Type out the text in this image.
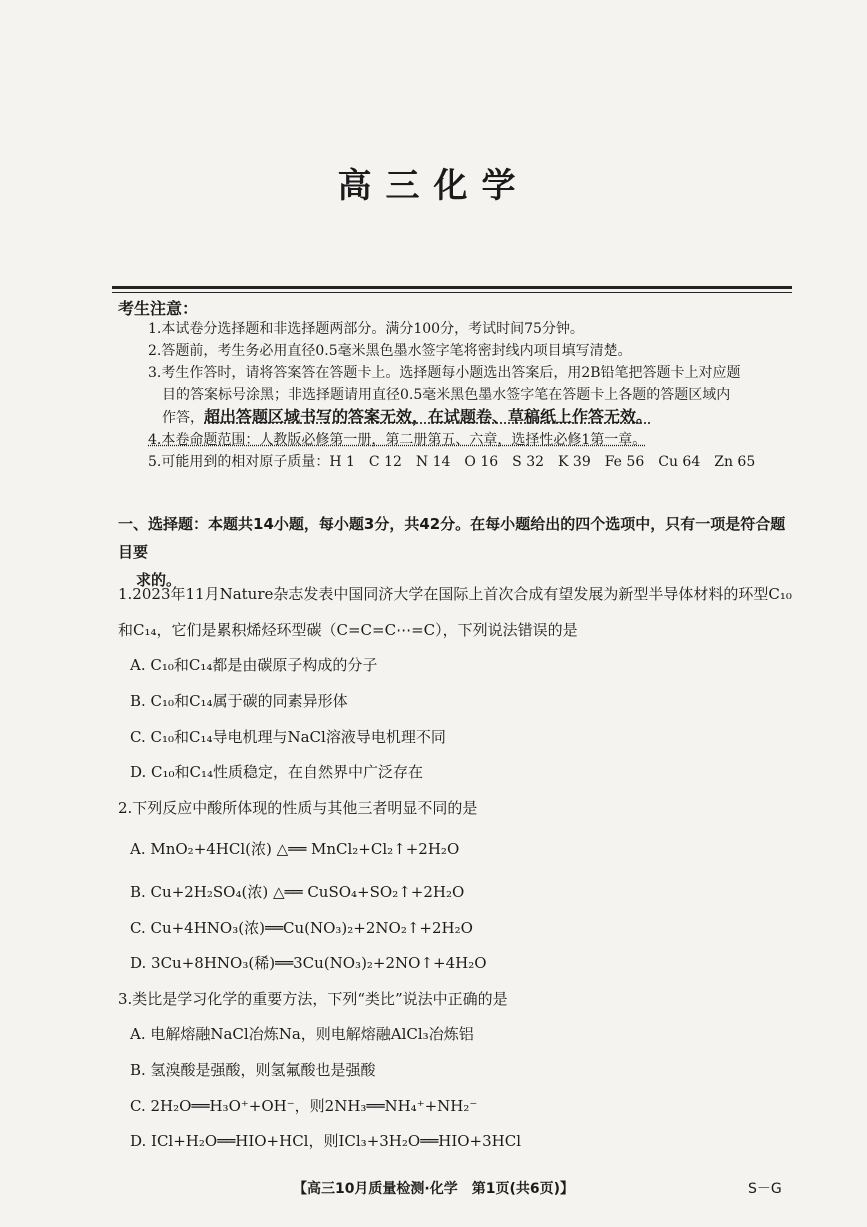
高三化学
考生注意：
1.本试卷分选择题和非选择题两部分。满分100分，考试时间75分钟。
2.答题前，考生务必用直径0.5毫米黑色墨水签字笔将密封线内项目填写清楚。
3.考生作答时，请将答案答在答题卡上。选择题每小题选出答案后，用2B铅笔把答题卡上对应题
目的答案标号涂黑；非选择题请用直径0.5毫米黑色墨水签字笔在答题卡上各题的答题区域内
作答，超出答题区域书写的答案无效，在试题卷、草稿纸上作答无效。
4.本卷命题范围：人教版必修第一册，第二册第五、六章，选择性必修1第一章。
5.可能用到的相对原子质量：H 1　C 12　N 14　O 16　S 32　K 39　Fe 56　Cu 64　Zn 65
一、选择题：本题共14小题，每小题3分，共42分。在每小题给出的四个选项中，只有一项是符合题目要
求的。
1.2023年11月Nature杂志发表中国同济大学在国际上首次合成有望发展为新型半导体材料的环型C₁₀
和C₁₄，它们是累积烯烃环型碳（C=C=C⋯=C），下列说法错误的是
A. C₁₀和C₁₄都是由碳原子构成的分子
B. C₁₀和C₁₄属于碳的同素异形体
C. C₁₀和C₁₄导电机理与NaCl溶液导电机理不同
D. C₁₀和C₁₄性质稳定，在自然界中广泛存在
2.下列反应中酸所体现的性质与其他三者明显不同的是
A. MnO₂+4HCl(浓) △══ MnCl₂+Cl₂↑+2H₂O
B. Cu+2H₂SO₄(浓) △══ CuSO₄+SO₂↑+2H₂O
C. Cu+4HNO₃(浓)══Cu(NO₃)₂+2NO₂↑+2H₂O
D. 3Cu+8HNO₃(稀)══3Cu(NO₃)₂+2NO↑+4H₂O
3.类比是学习化学的重要方法，下列“类比”说法中正确的是
A. 电解熔融NaCl冶炼Na，则电解熔融AlCl₃冶炼铝
B. 氢溴酸是强酸，则氢氟酸也是强酸
C. 2H₂O══H₃O⁺+OH⁻，则2NH₃══NH₄⁺+NH₂⁻
D. ICl+H₂O══HIO+HCl，则ICl₃+3H₂O══HIO+3HCl
【高三10月质量检测·化学　第1页(共6页)】	S－G
